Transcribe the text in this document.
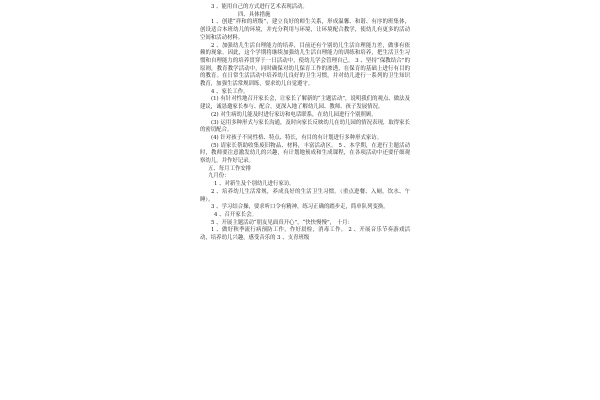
3 、能用自己的方式进行艺术表现活动。

四、具体措施

1 、创建“祥和的班级”，建立良好的师生关系，形成温馨、和谐、有序的班集体，创设适合本班幼儿的环境，并充分利用与环境，让环境配合教学，使幼儿有更多的活动空间和活动材料。

2 、加强幼儿生活自理能力的培养，目前还有个别幼儿生活自理能力差，做事有依赖的现象。因此，这个学期将继续加强幼儿生活自理能力的训练和培养，把生活卫生习惯和自理能力的培养贯穿于一日活动中，使幼儿学会管理自己。 3 、坚持“保教结合”的原则，教育教学活动中，同时确保对幼儿保育工作的渗透，在保育的基础上进行有目的的教育。在日常生活活动中培养幼儿良好的卫生习惯，并对幼儿进行一系列的卫生知识教育，加强生活常规训练，要求幼儿自觉遵守。

4 、家长工作。

(1) 有针对性地召开家长会，让家长了解新的“主题活动”，说明我们的观点、做法及建议，诚恳邀家长参与、配合，更深入地了解幼儿园、教师、孩子发展情况。

(2) 对生病幼儿能及时进行家访和电话联系，在幼儿园进行个别照顾。

(3) 运用多种形式与家长沟通，及时向家长反映幼儿在幼儿园的情况表现，取得家长的密切配合。

(4) 针对孩子不同性格、特点、特长，有目的有计划进行多种形式家访。

(5) 请家长帮助收集废旧物品、材料，丰富活动区。 5 、本学期，在进行主题活动时，教师要注意激发幼儿的兴趣，有计划地预成和生成课程，在各项活动中还要仔细观察幼儿，并作好记录。

五、每月工作安排

九月份：

1 、对新生及个别幼儿进行家访。

2 、培养幼儿生活常规，养成良好的生活卫生习惯。（重点进餐、入厕，饮水、午睡）。

3 、学习结合操，要求听口令有精神，练习正确的踏步走，简单队列变换。

4 、召开家长会。

5 、开展主题活动“朋友见面真开心”，“快快慢慢”， 十月：

1 、做好秋季流行病预防工作，作好晨检，消毒工作。 2 、开展音乐节奏游戏活动，培养幼儿兴趣，感受音乐的 3 、支青班级
